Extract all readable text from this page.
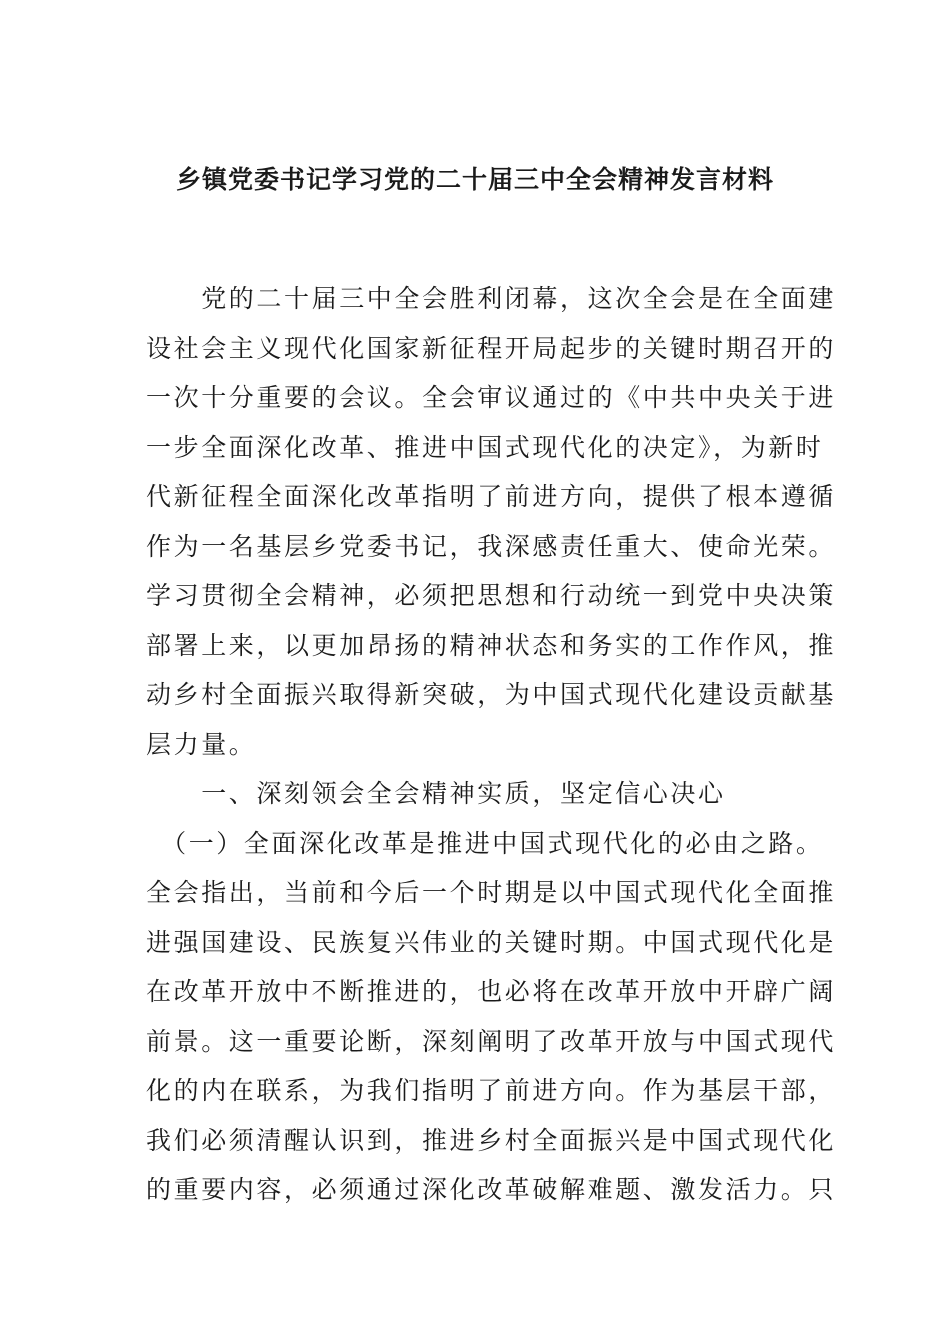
乡镇党委书记学习党的二十届三中全会精神发言材料
　　党的二十届三中全会胜利闭幕，这次全会是在全面建
设社会主义现代化国家新征程开局起步的关键时期召开的
一次十分重要的会议。全会审议通过的《中共中央关于进
一步全面深化改革、推进中国式现代化的决定》，为新时
代新征程全面深化改革指明了前进方向，提供了根本遵循
作为一名基层乡党委书记，我深感责任重大、使命光荣。
学习贯彻全会精神，必须把思想和行动统一到党中央决策
部署上来，以更加昂扬的精神状态和务实的工作作风，推
动乡村全面振兴取得新突破，为中国式现代化建设贡献基
层力量。
　　一、深刻领会全会精神实质，坚定信心决心
　（一）全面深化改革是推进中国式现代化的必由之路。
全会指出，当前和今后一个时期是以中国式现代化全面推
进强国建设、民族复兴伟业的关键时期。中国式现代化是
在改革开放中不断推进的，也必将在改革开放中开辟广阔
前景。这一重要论断，深刻阐明了改革开放与中国式现代
化的内在联系，为我们指明了前进方向。作为基层干部，
我们必须清醒认识到，推进乡村全面振兴是中国式现代化
的重要内容，必须通过深化改革破解难题、激发活力。只
